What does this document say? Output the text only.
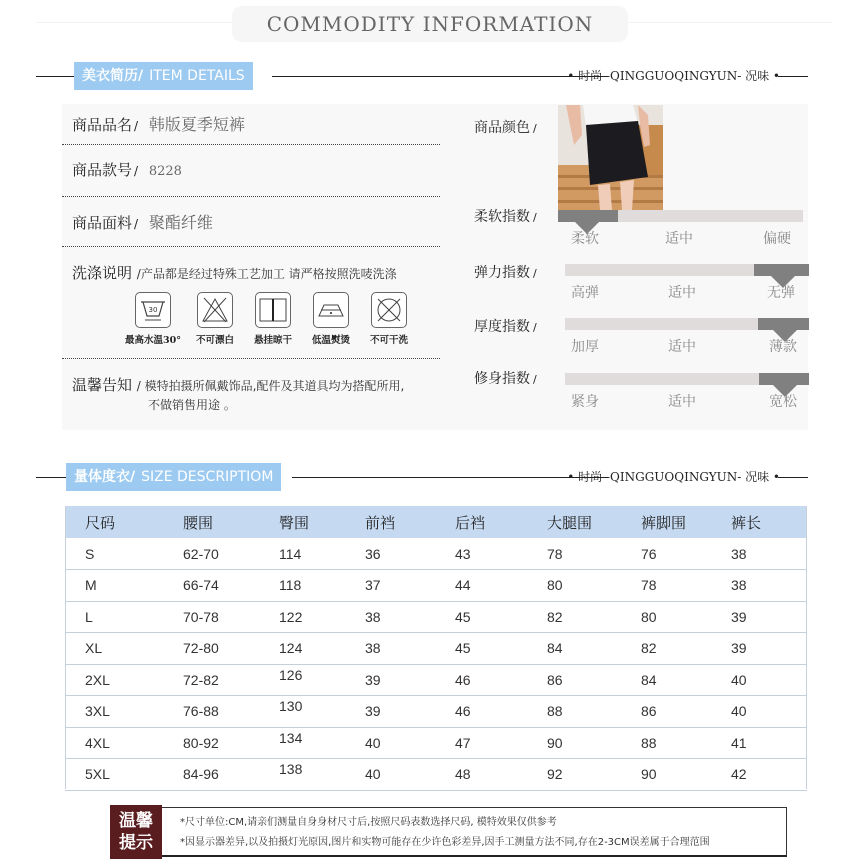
COMMODITY INFORMATION
美衣简历/ ITEM DETAILS	• 时尚 -QINGGUOQINGYUN- 况味 •
商品品名 / 韩版夏季短裤
商品款号 / 8228
商品面料 / 聚酯纤维
洗涤说明 /产品都是经过特殊工艺加工 请严格按照洗唛洗涤
30
最高水温30°	不可漂白	悬挂晾干	低温熨烫	不可干洗
温馨告知 / 模特拍摄所佩戴饰品,配件及其道具均为搭配所用,
不做销售用途 。
商品颜色 /
柔软指数 /
柔软	适中	偏硬
弹力指数 /
高弹	适中	无弹
厚度指数 /
加厚	适中	薄款
修身指数 /
紧身	适中	宽松
量体度衣/ SIZE DESCRIPTIOM	• 时尚 -QINGGUOQINGYUN- 况味 •
尺码	腰围	臀围	前裆	后裆	大腿围	裤脚围	裤长
S	62-70	114	36	43	78	76	38
M	66-74	118	37	44	80	78	38
L	70-78	122	38	45	82	80	39
XL	72-80	124	38	45	84	82	39
2XL	72-82	126	39	46	86	84	40
3XL	76-88	130	39	46	88	86	40
4XL	80-92	134	40	47	90	88	41
5XL	84-96	138	40	48	92	90	42
温馨
提示
*尺寸单位:CM,请亲们测量自身身材尺寸后,按照尺码表数选择尺码, 模特效果仅供参考
*因显示器差异,以及拍摄灯光原因,图片和实物可能存在少许色彩差异,因手工测量方法不同,存在2-3CM误差属于合理范围
